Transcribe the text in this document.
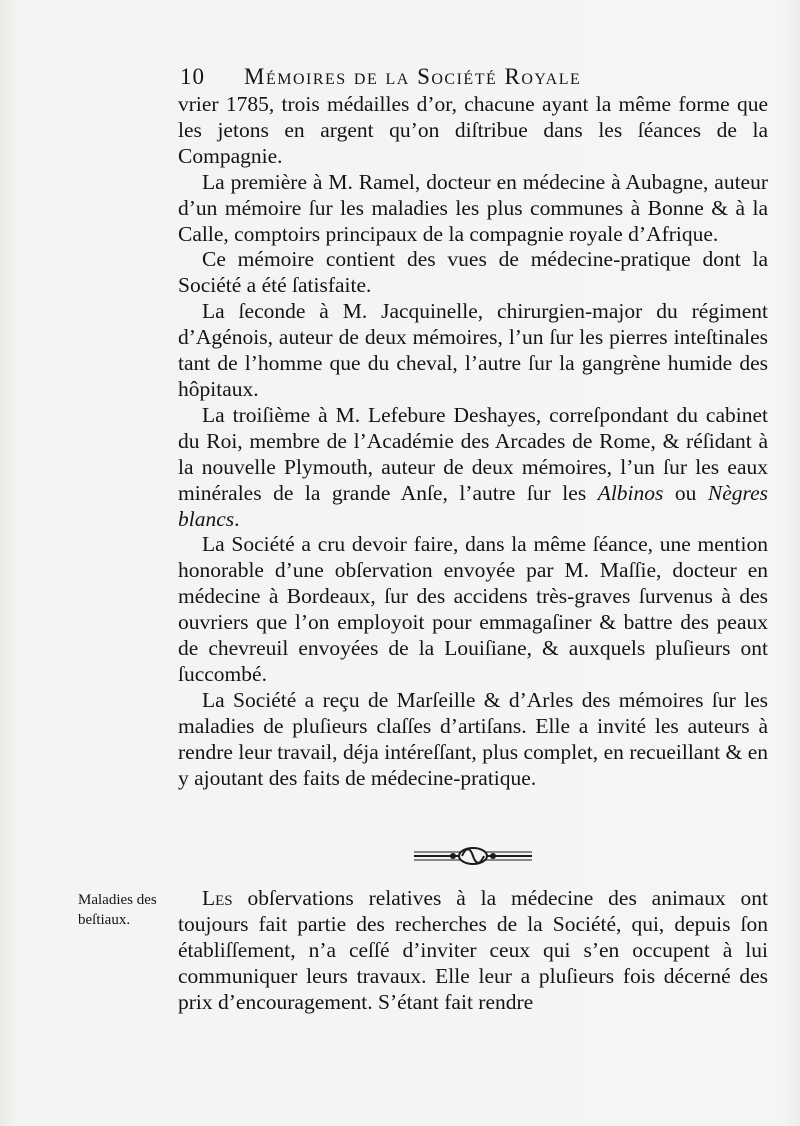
10 Mémoires de la Société Royale

vrier 1785, trois médailles d’or, chacune ayant la même forme que les jetons en argent qu’on diſtribue dans les ſéances de la Compagnie.

La première à M. Ramel, docteur en médecine à Aubagne, auteur d’un mémoire ſur les maladies les plus communes à Bonne & à la Calle, comptoirs principaux de la compagnie royale d’Afrique.

Ce mémoire contient des vues de médecine-pratique dont la Société a été ſatisfaite.

La ſeconde à M. Jacquinelle, chirurgien-major du régiment d’Agénois, auteur de deux mémoires, l’un ſur les pierres inteſtinales tant de l’homme que du cheval, l’autre ſur la gangrène humide des hôpitaux.

La troiſième à M. Lefebure Deshayes, correſpondant du cabinet du Roi, membre de l’Académie des Arcades de Rome, & réſidant à la nouvelle Plymouth, auteur de deux mémoires, l’un ſur les eaux minérales de la grande Anſe, l’autre ſur les Albinos ou Nègres blancs.

La Société a cru devoir faire, dans la même ſéance, une mention honorable d’une obſervation envoyée par M. Maſſie, docteur en médecine à Bordeaux, ſur des accidens très-graves ſurvenus à des ouvriers que l’on employoit pour emmagaſiner & battre des peaux de chevreuil envoyées de la Louiſiane, & auxquels pluſieurs ont ſuccombé.

La Société a reçu de Marſeille & d’Arles des mémoires ſur les maladies de pluſieurs claſſes d’artiſans. Elle a invité les auteurs à rendre leur travail, déja intéreſſant, plus complet, en recueillant & en y ajoutant des faits de médecine-pratique.

Les obſervations relatives à la médecine des animaux ont toujours fait partie des recherches de la Société, qui, depuis ſon établiſſement, n’a ceſſé d’inviter ceux qui s’en occupent à lui communiquer leurs travaux. Elle leur a pluſieurs fois décerné des prix d’encouragement. S’étant fait rendre

Maladies des beſtiaux.
